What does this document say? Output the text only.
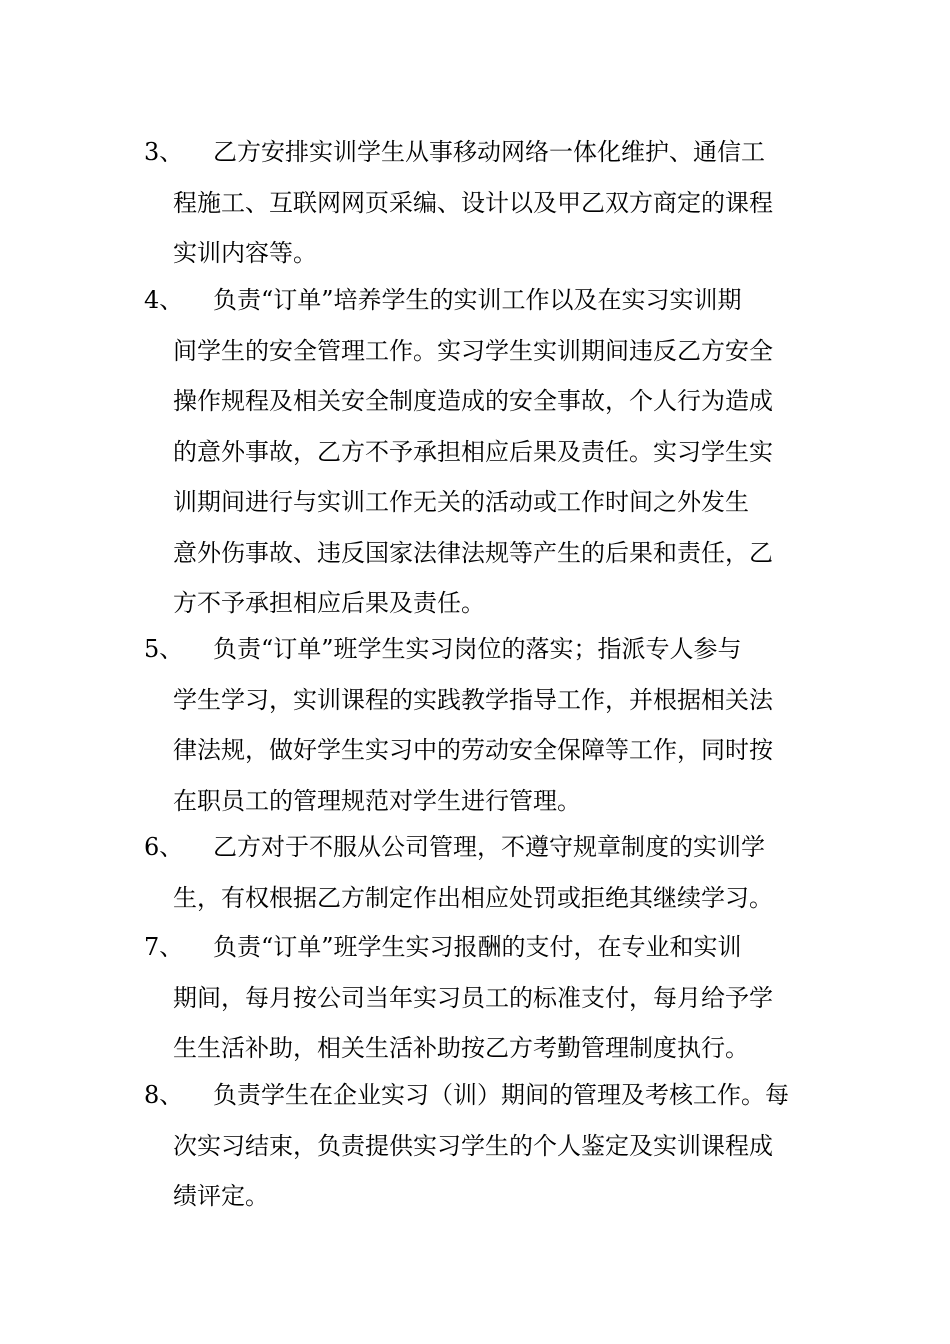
3、	乙方安排实训学生从事移动网络一体化维护、通信工
程施工、互联网网页采编、设计以及甲乙双方商定的课程
实训内容等。
4、	负责“订单”培养学生的实训工作以及在实习实训期
间学生的安全管理工作。实习学生实训期间违反乙方安全
操作规程及相关安全制度造成的安全事故，个人行为造成
的意外事故，乙方不予承担相应后果及责任。实习学生实
训期间进行与实训工作无关的活动或工作时间之外发生
意外伤事故、违反国家法律法规等产生的后果和责任，乙
方不予承担相应后果及责任。
5、	负责“订单”班学生实习岗位的落实；指派专人参与
学生学习，实训课程的实践教学指导工作，并根据相关法
律法规，做好学生实习中的劳动安全保障等工作，同时按
在职员工的管理规范对学生进行管理。
6、	乙方对于不服从公司管理，不遵守规章制度的实训学
生，有权根据乙方制定作出相应处罚或拒绝其继续学习。
7、	负责“订单”班学生实习报酬的支付，在专业和实训
期间，每月按公司当年实习员工的标准支付，每月给予学
生生活补助，相关生活补助按乙方考勤管理制度执行。
8、	负责学生在企业实习（训）期间的管理及考核工作。每
次实习结束，负责提供实习学生的个人鉴定及实训课程成
绩评定。
